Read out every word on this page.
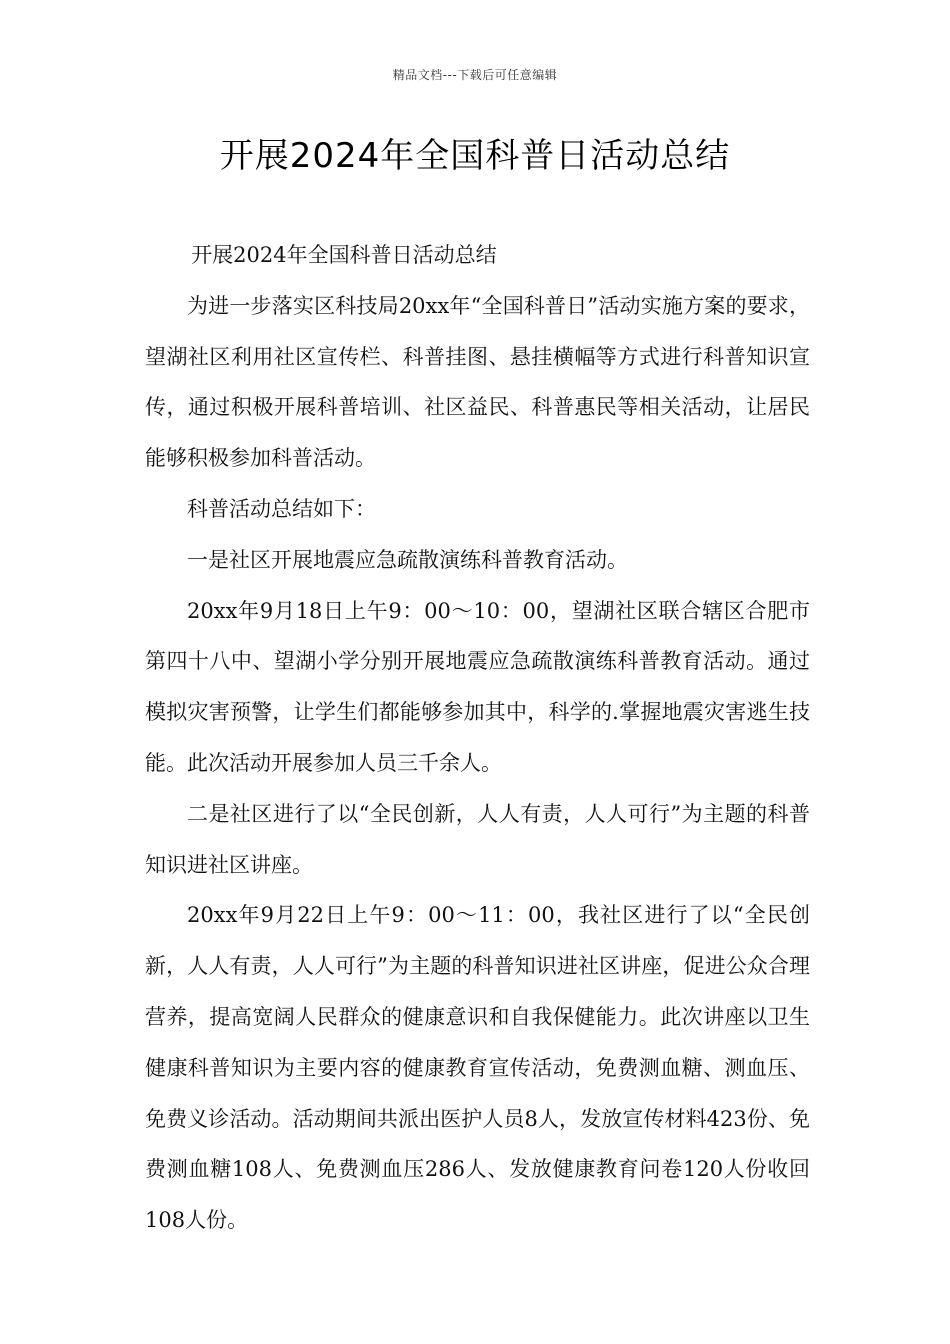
精品文档---下载后可任意编辑
开展2024年全国科普日活动总结

开展2024年全国科普日活动总结

为进一步落实区科技局20xx年“全国科普日”活动实施方案的要求，望湖社区利用社区宣传栏、科普挂图、悬挂横幅等方式进行科普知识宣传，通过积极开展科普培训、社区益民、科普惠民等相关活动，让居民能够积极参加科普活动。

科普活动总结如下：

一是社区开展地震应急疏散演练科普教育活动。

20xx年9月18日上午9：00～10：00，望湖社区联合辖区合肥市第四十八中、望湖小学分别开展地震应急疏散演练科普教育活动。通过模拟灾害预警，让学生们都能够参加其中，科学的.掌握地震灾害逃生技能。此次活动开展参加人员三千余人。

二是社区进行了以“全民创新，人人有责，人人可行”为主题的科普知识进社区讲座。

20xx年9月22日上午9：00～11：00，我社区进行了以“全民创新，人人有责，人人可行”为主题的科普知识进社区讲座，促进公众合理营养，提高宽阔人民群众的健康意识和自我保健能力。此次讲座以卫生健康科普知识为主要内容的健康教育宣传活动，免费测血糖、测血压、免费义诊活动。活动期间共派出医护人员8人，发放宣传材料423份、免费测血糖108人、免费测血压286人、发放健康教育问卷120人份收回108人份。
